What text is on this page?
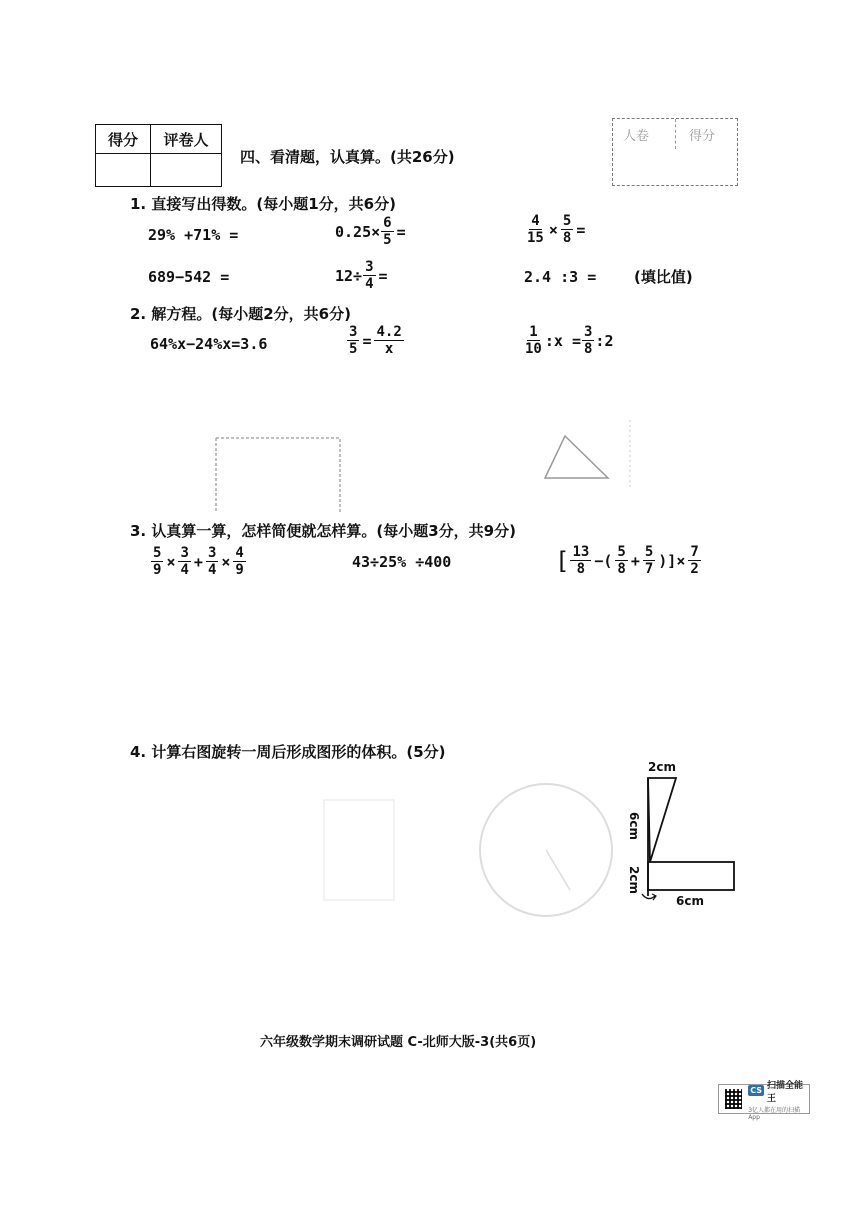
得分	评卷人

四、看清题，认真算。(共26分)
人卷	得分
1. 直接写出得数。(每小题1分，共6分)
29% +71% =	$0.25\times \frac{6}{5}$ =	$\frac{4}{15} \times \frac{5}{8}$ =
689−542 =	$12\div \frac{3}{4}$ =	2.4 :3 =	(填比值)
2. 解方程。(每小题2分，共6分)
64%x−24%x=3.6	$\frac{3}{5} = \frac{4.2}{x}$	$\frac{1}{10}$ :x = $\frac{3}{8}$ :2
3. 认真算一算，怎样简便就怎样算。(每小题3分，共9分)
$\frac{5}{9} \times \frac{3}{4} + \frac{3}{4} \times \frac{4}{9}$	43÷25% ÷400	[ $\frac{13}{8}$ −( $\frac{5}{8} + \frac{5}{7}$ )]× $\frac{7}{2}$
4. 计算右图旋转一周后形成图形的体积。(5分)
2cm
6cm
2cm
6cm
六年级数学期末调研试题 C-北师大版-3(共6页)
CS 扫描全能王
3亿人都在用的扫描App
